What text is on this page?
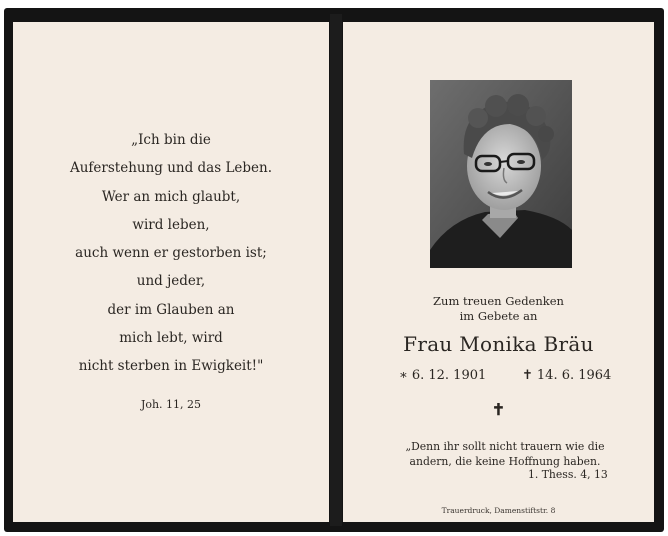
„Ich bin die
Auferstehung und das Leben.
Wer an mich glaubt,
wird leben,
auch wenn er gestorben ist;
und jeder,
der im Glauben an
mich lebt, wird
nicht sterben in Ewigkeit!"
Joh. 11, 25
Zum treuen Gedenken
im Gebete an
Frau Monika Bräu
∗ 6. 12. 1901	✝ 14. 6. 1964
✝
„Denn ihr sollt nicht trauern wie die
andern, die keine Hoffnung haben.
1. Thess. 4, 13
Trauerdruck, Damenstiftstr. 8
